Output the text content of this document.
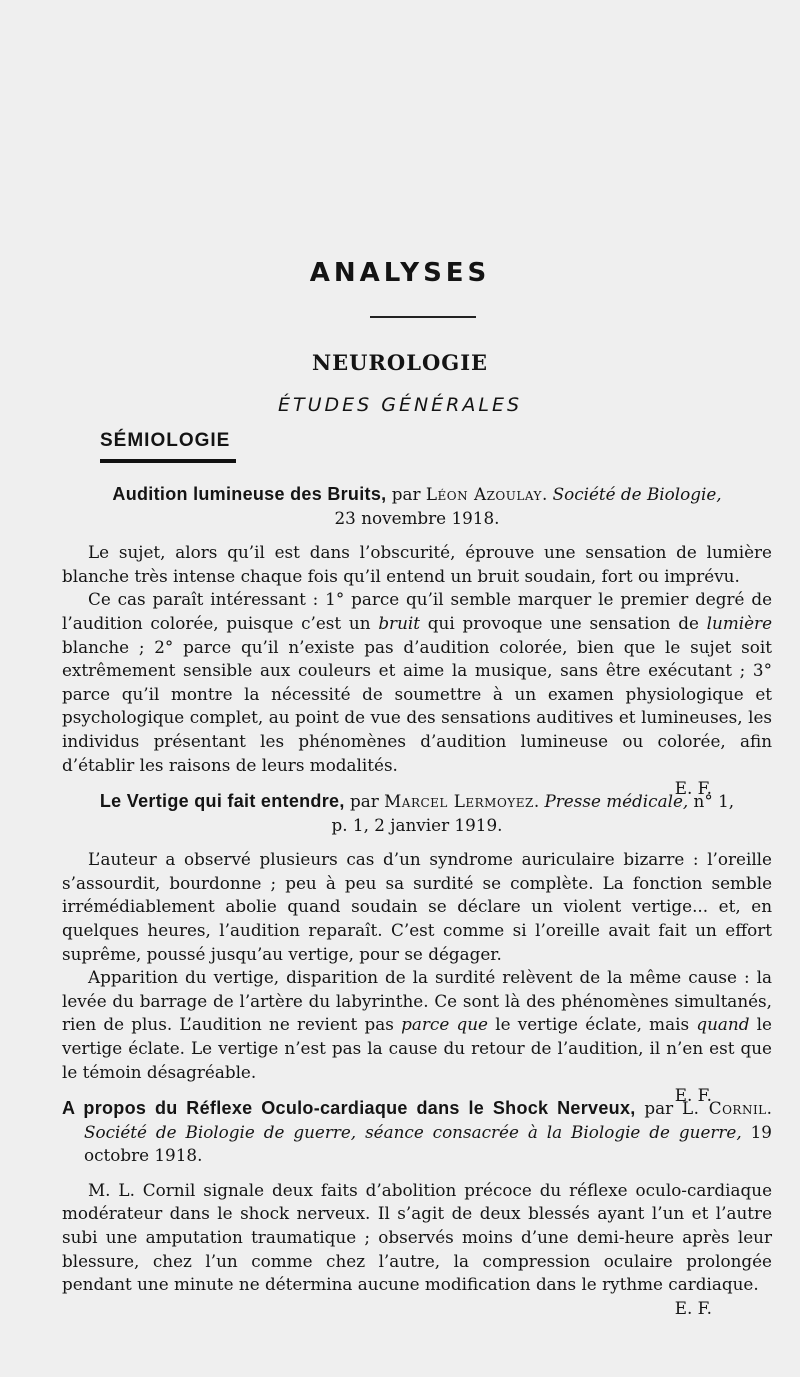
ANALYSES
NEUROLOGIE
ÉTUDES GÉNÉRALES
SÉMIOLOGIE

Audition lumineuse des Bruits, par Léon Azoulay. Société de Biologie,
23 novembre 1918.

Le sujet, alors qu’il est dans l’obscurité, éprouve une sensation de lumière blanche très intense chaque fois qu’il entend un bruit soudain, fort ou imprévu.

Ce cas paraît intéressant : 1° parce qu’il semble marquer le premier degré de l’audition colorée, puisque c’est un bruit qui provoque une sensation de lumière blanche ; 2° parce qu’il n’existe pas d’audition colorée, bien que le sujet soit extrêmement sensible aux couleurs et aime la musique, sans être exécutant ; 3° parce qu’il montre la nécessité de soumettre à un examen physiologique et psychologique complet, au point de vue des sensations auditives et lumineuses, les individus présentant les phénomènes d’audition lumineuse ou colorée, afin d’établir les raisons de leurs modalités.

E. F.

Le Vertige qui fait entendre, par Marcel Lermoyez. Presse médicale, n° 1,
p. 1, 2 janvier 1919.

L’auteur a observé plusieurs cas d’un syndrome auriculaire bizarre : l’oreille s’assourdit, bourdonne ; peu à peu sa surdité se complète. La fonction semble irrémédiablement abolie quand soudain se déclare un violent vertige... et, en quelques heures, l’audition reparaît. C’est comme si l’oreille avait fait un effort suprême, poussé jusqu’au vertige, pour se dégager.

Apparition du vertige, disparition de la surdité relèvent de la même cause : la levée du barrage de l’artère du labyrinthe. Ce sont là des phénomènes simultanés, rien de plus. L’audition ne revient pas parce que le vertige éclate, mais quand le vertige éclate. Le vertige n’est pas la cause du retour de l’audition, il n’en est que le témoin désagréable.

E. F.

A propos du Réflexe Oculo-cardiaque dans le Shock Nerveux, par L. Cornil. Société de Biologie de guerre, séance consacrée à la Biologie de guerre, 19 octobre 1918.

M. L. Cornil signale deux faits d’abolition précoce du réflexe oculo-cardiaque modérateur dans le shock nerveux. Il s’agit de deux blessés ayant l’un et l’autre subi une amputation traumatique ; observés moins d’une demi-heure après leur blessure, chez l’un comme chez l’autre, la compression oculaire prolongée pendant une minute ne détermina aucune modification dans le rythme cardiaque.

E. F.
